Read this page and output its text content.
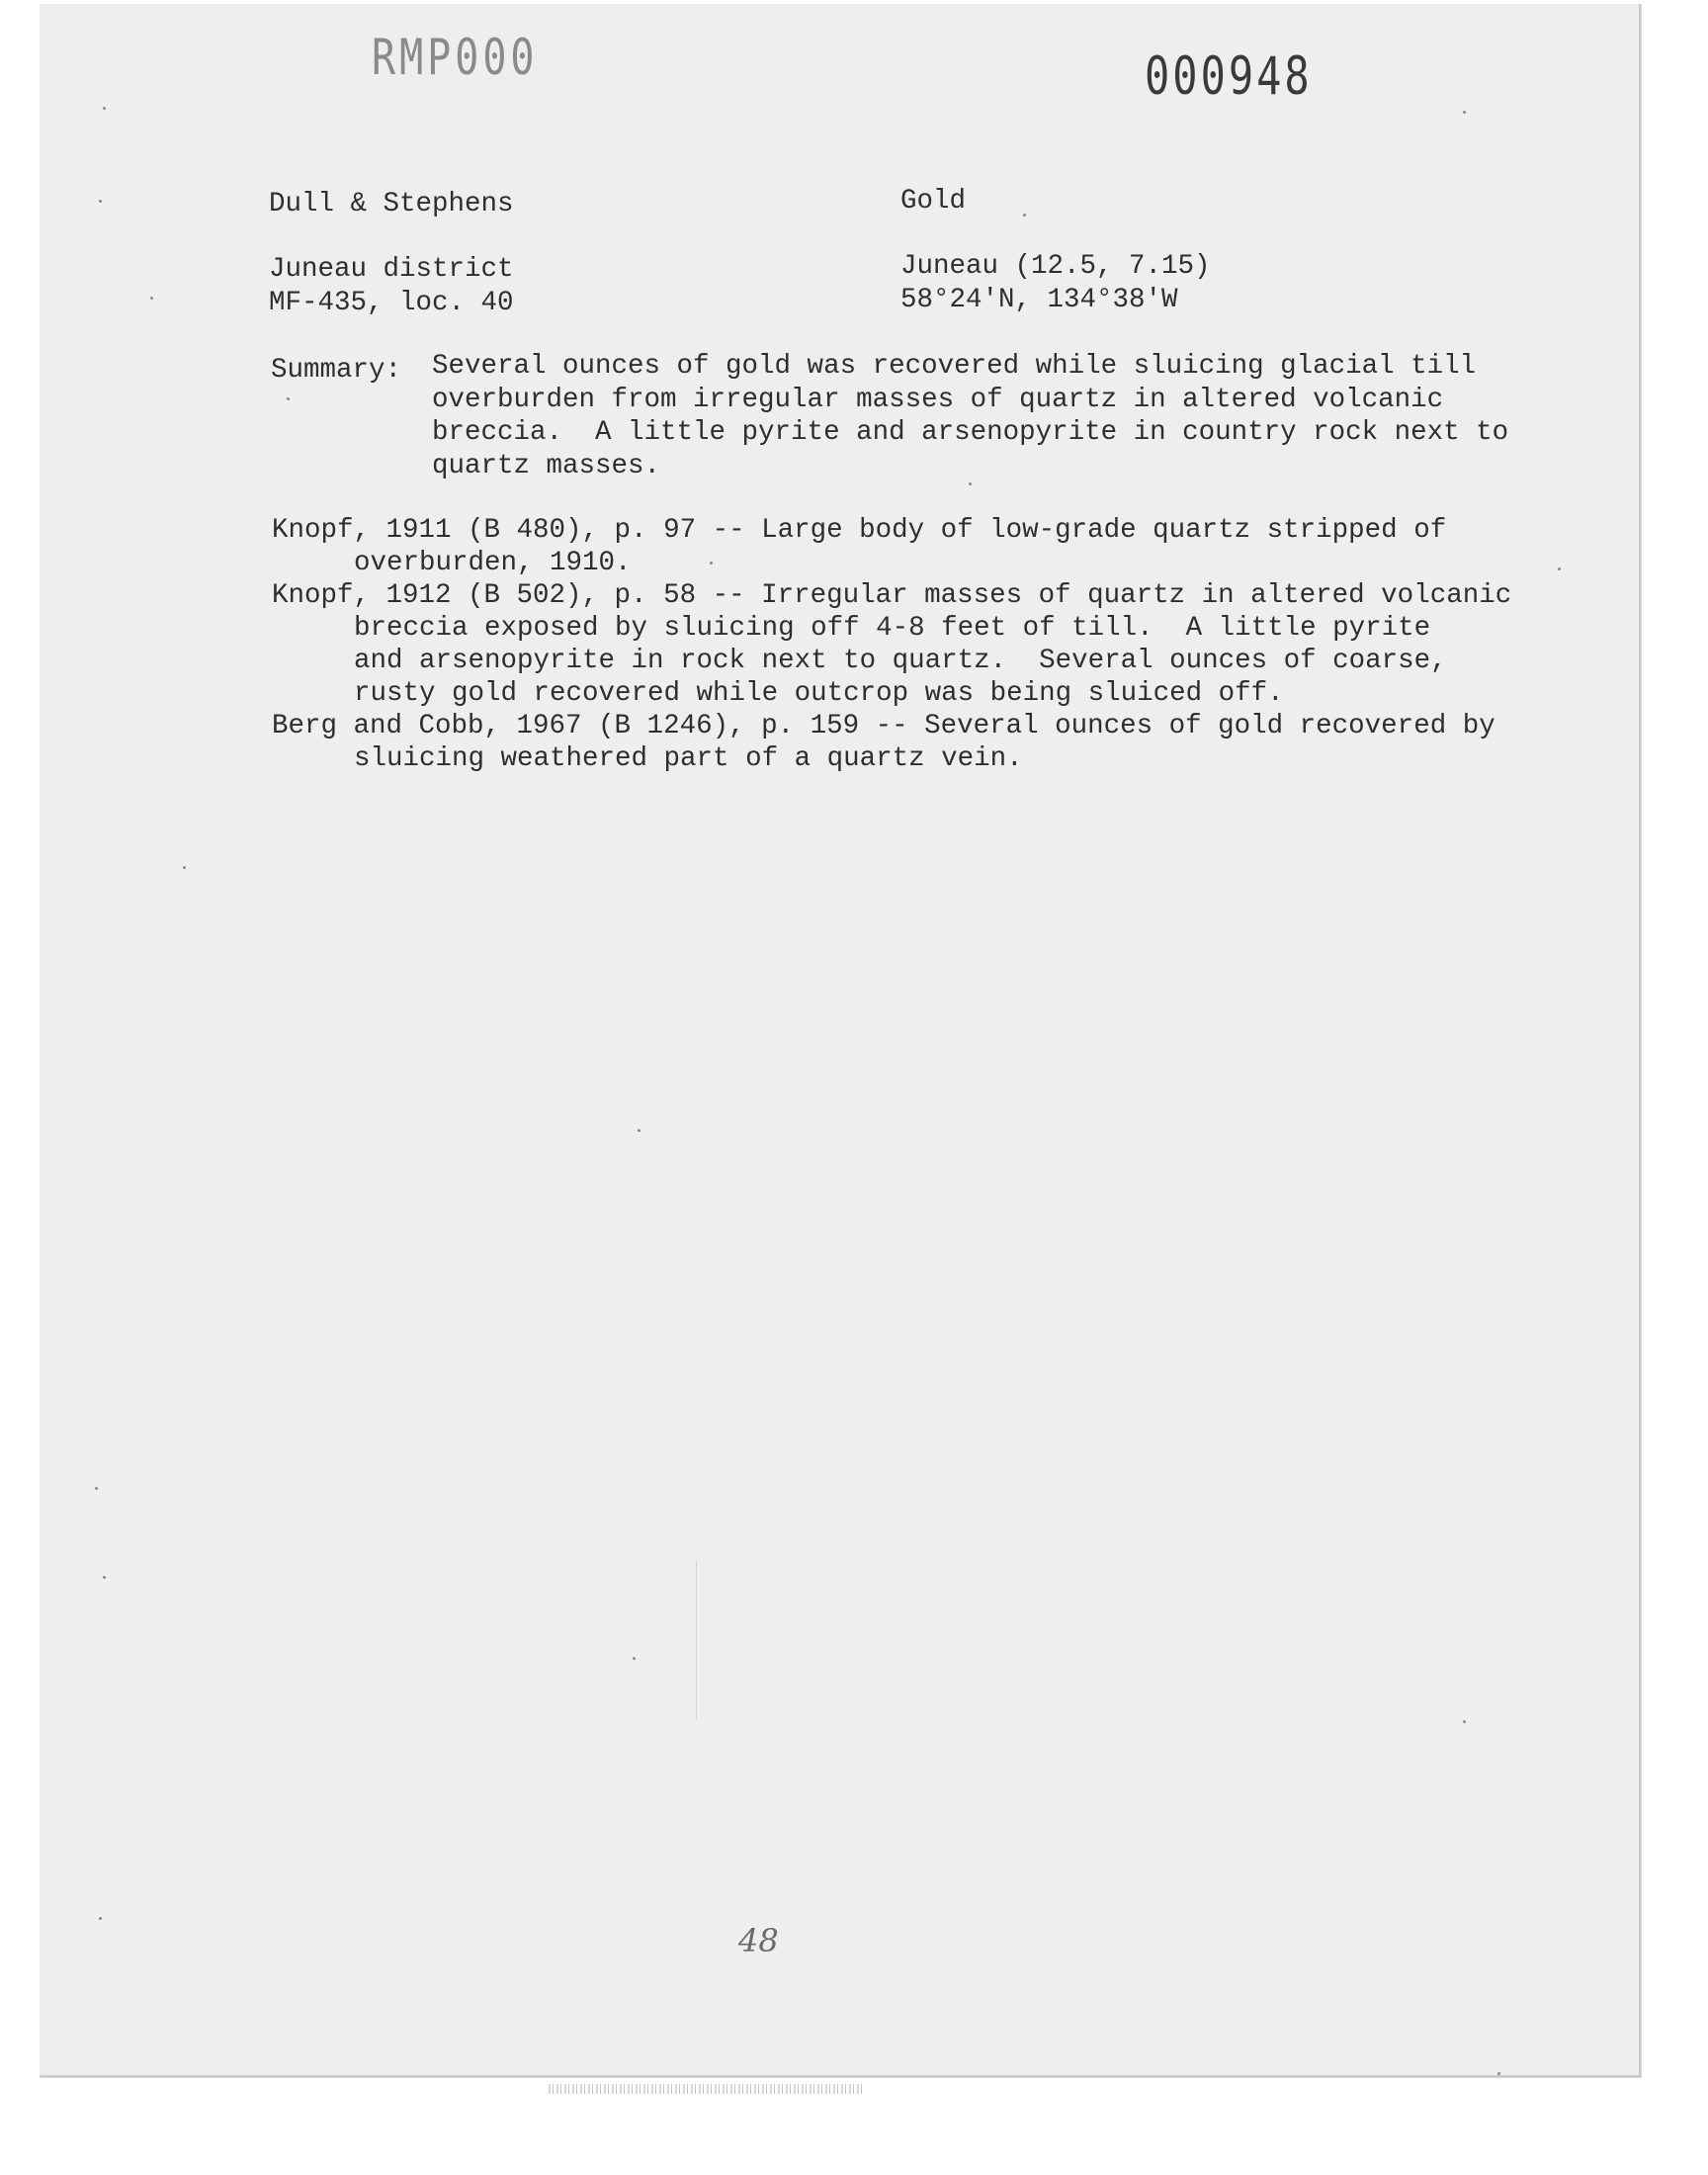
RMP000	000948
Dull & Stephens
Juneau district
MF-435, loc. 40
Gold
Juneau (12.5, 7.15)
58°24'N, 134°38'W
Summary: Several ounces of gold was recovered while sluicing glacial till
overburden from irregular masses of quartz in altered volcanic
breccia.  A little pyrite and arsenopyrite in country rock next to
quartz masses.
Knopf, 1911 (B 480), p. 97 -- Large body of low-grade quartz stripped of
overburden, 1910.
Knopf, 1912 (B 502), p. 58 -- Irregular masses of quartz in altered volcanic
breccia exposed by sluicing off 4-8 feet of till.  A little pyrite
and arsenopyrite in rock next to quartz.  Several ounces of coarse,
rusty gold recovered while outcrop was being sluiced off.
Berg and Cobb, 1967 (B 1246), p. 159 -- Several ounces of gold recovered by
sluicing weathered part of a quartz vein.
48
